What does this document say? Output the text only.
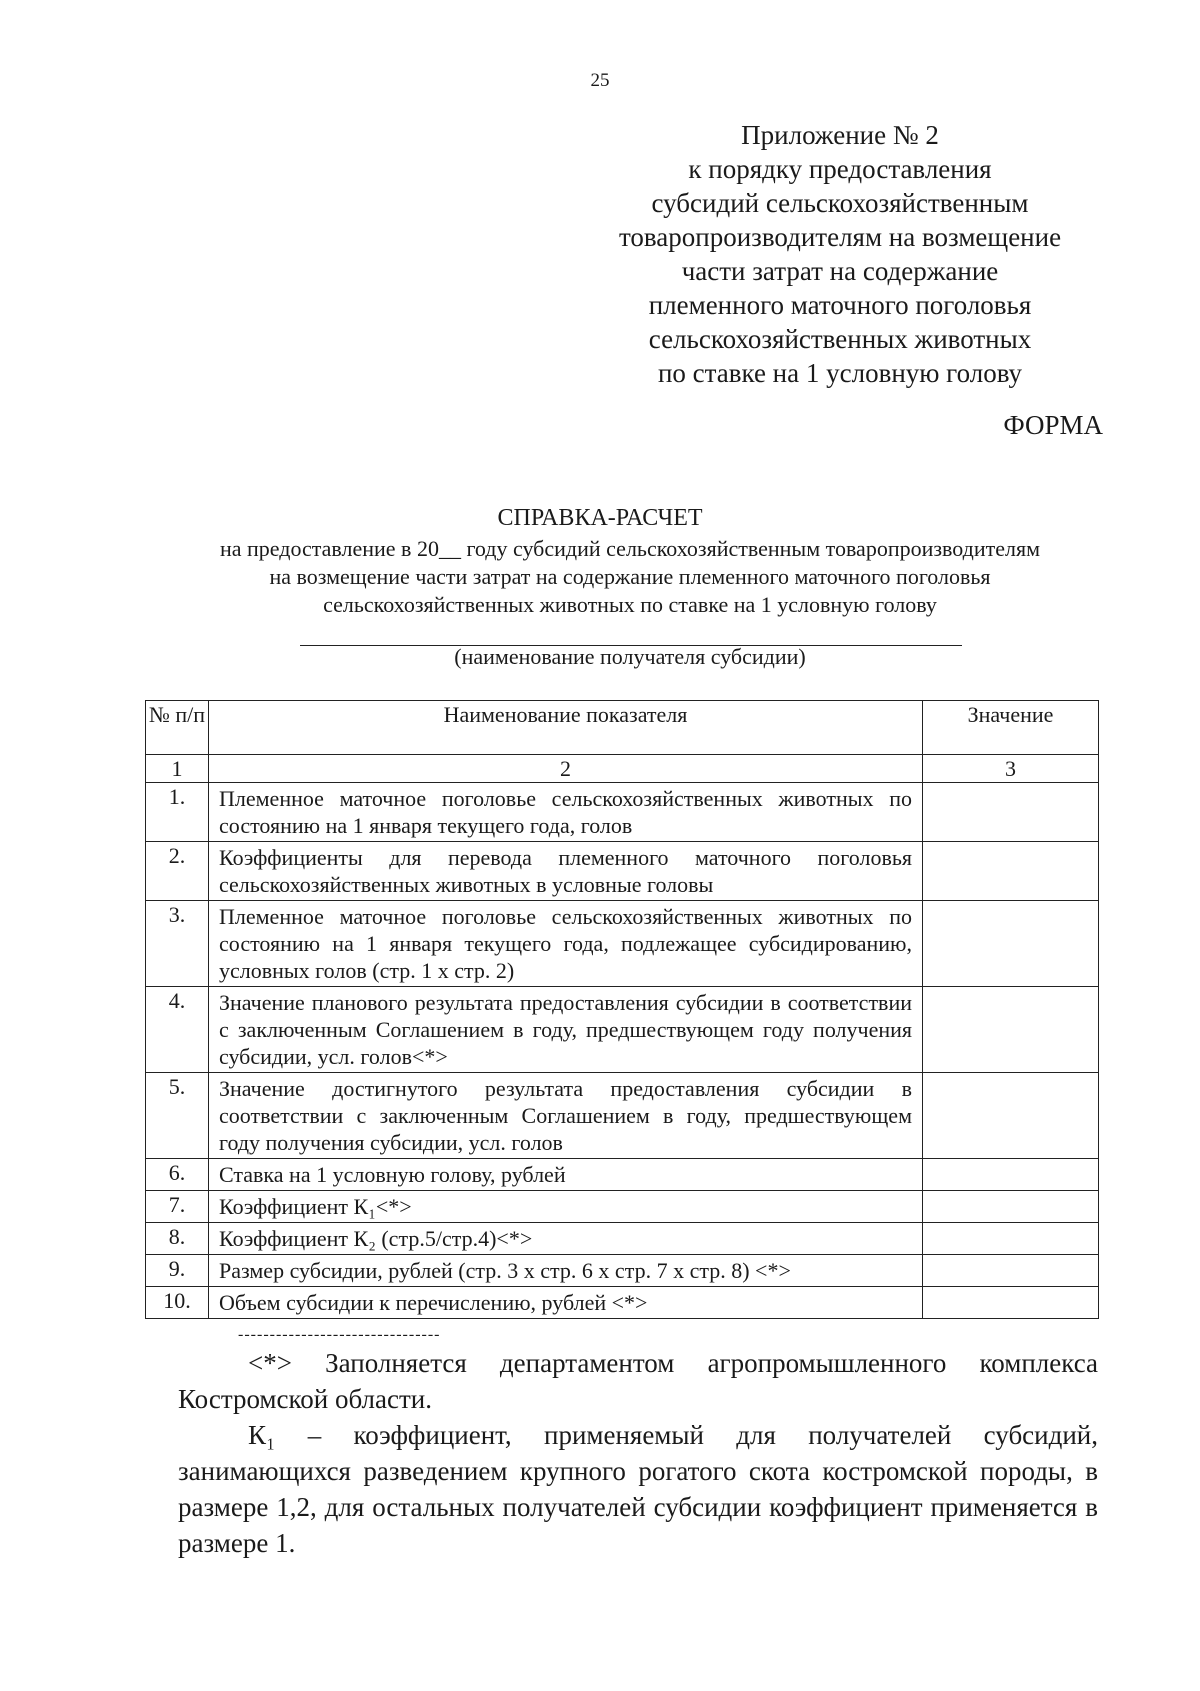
25
Приложение № 2
к порядку предоставления
субсидий сельскохозяйственным
товаропроизводителям на возмещение
части затрат на содержание
племенного маточного поголовья
сельскохозяйственных животных
по ставке на 1 условную голову
ФОРМА
СПРАВКА-РАСЧЕТ
на предоставление в 20__ году субсидий сельскохозяйственным товаропроизводителям
на возмещение части затрат на содержание племенного маточного поголовья
сельскохозяйственных животных по ставке на 1 условную голову
(наименование получателя субсидии)
№ п/п	Наименование показателя	Значение
1	2	3
1.	Племенное маточное поголовье сельскохозяйственных животных по состоянию на 1 января текущего года, голов	
2.	Коэффициенты для перевода племенного маточного поголовья сельскохозяйственных животных в условные головы	
3.	Племенное маточное поголовье сельскохозяйственных животных по состоянию на 1 января текущего года, подлежащее субсидированию, условных голов (стр. 1 х стр. 2)	
4.	Значение планового результата предоставления субсидии в соответствии с заключенным Соглашением в году, предшествующем году получения субсидии, усл. голов<*>	
5.	Значение достигнутого результата предоставления субсидии в соответствии с заключенным Соглашением в году, предшествующем году получения субсидии, усл. голов	
6.	Ставка на 1 условную голову, рублей	
7.	Коэффициент К₁<*>	
8.	Коэффициент К₂ (стр.5/стр.4)<*>	
9.	Размер субсидии, рублей (стр. 3 х стр. 6 х стр. 7 х стр. 8) <*>	
10.	Объем субсидии к перечислению, рублей <*>	
--------------------------------

<*> Заполняется департаментом агропромышленного комплекса Костромской области.

К₁ – коэффициент, применяемый для получателей субсидий, занимающихся разведением крупного рогатого скота костромской породы, в размере 1,2, для остальных получателей субсидии коэффициент применяется в размере 1.
